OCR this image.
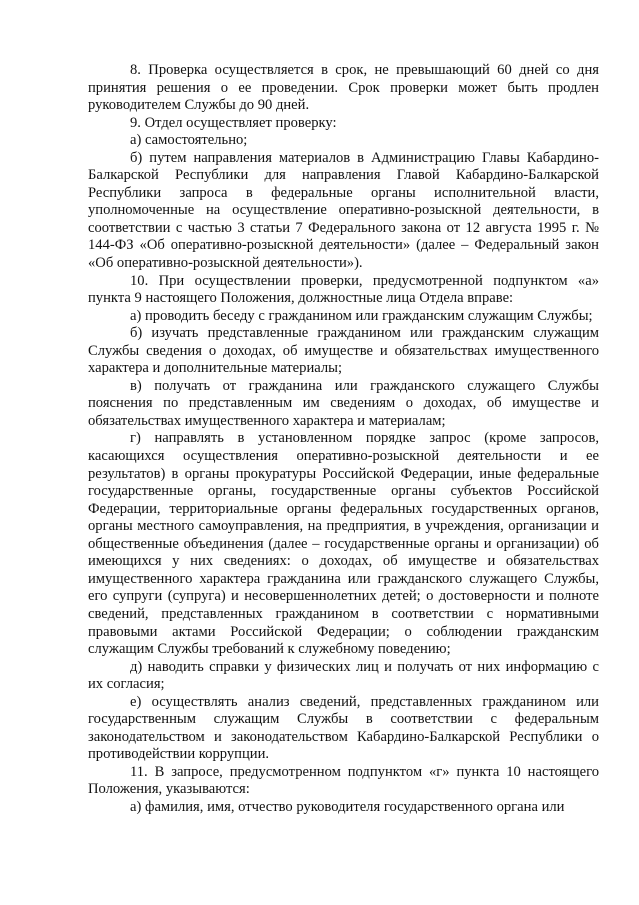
8. Проверка осуществляется в срок, не превышающий 60 дней со дня принятия решения о ее проведении. Срок проверки может быть продлен руководителем Службы до 90 дней.

9. Отдел осуществляет проверку:

а) самостоятельно;

б) путем направления материалов в Администрацию Главы Кабардино-Балкарской Республики для направления Главой Кабардино-Балкарской Республики запроса в федеральные органы исполнительной власти, уполномоченные на осуществление оперативно-розыскной деятельности, в соответствии с частью 3 статьи 7 Федерального закона от 12 августа 1995 г. № 144-ФЗ «Об оперативно-розыскной деятельности» (далее – Федеральный закон «Об оперативно-розыскной деятельности»).

10. При осуществлении проверки, предусмотренной подпунктом «а» пункта 9 настоящего Положения, должностные лица Отдела вправе:

а) проводить беседу с гражданином или гражданским служащим Службы;

б) изучать представленные гражданином или гражданским служащим Службы сведения о доходах, об имуществе и обязательствах имущественного характера и дополнительные материалы;

в) получать от гражданина или гражданского служащего Службы пояснения по представленным им сведениям о доходах, об имуществе и обязательствах имущественного характера и материалам;

г) направлять в установленном порядке запрос (кроме запросов, касающихся осуществления оперативно-розыскной деятельности и ее результатов) в органы прокуратуры Российской Федерации, иные федеральные государственные органы, государственные органы субъектов Российской Федерации, территориальные органы федеральных государственных органов, органы местного самоуправления, на предприятия, в учреждения, организации и общественные объединения (далее – государственные органы и организации) об имеющихся у них сведениях: о доходах, об имуществе и обязательствах имущественного характера гражданина или гражданского служащего Службы, его супруги (супруга) и несовершеннолетних детей; о достоверности и полноте сведений, представленных гражданином в соответствии с нормативными правовыми актами Российской Федерации; о соблюдении гражданским служащим Службы требований к служебному поведению;

д) наводить справки у физических лиц и получать от них информацию с их согласия;

е) осуществлять анализ сведений, представленных гражданином или государственным служащим Службы в соответствии с федеральным законодательством и законодательством Кабардино-Балкарской Республики о противодействии коррупции.

11. В запросе, предусмотренном подпунктом «г» пункта 10 настоящего Положения, указываются:

а) фамилия, имя, отчество руководителя государственного органа или
